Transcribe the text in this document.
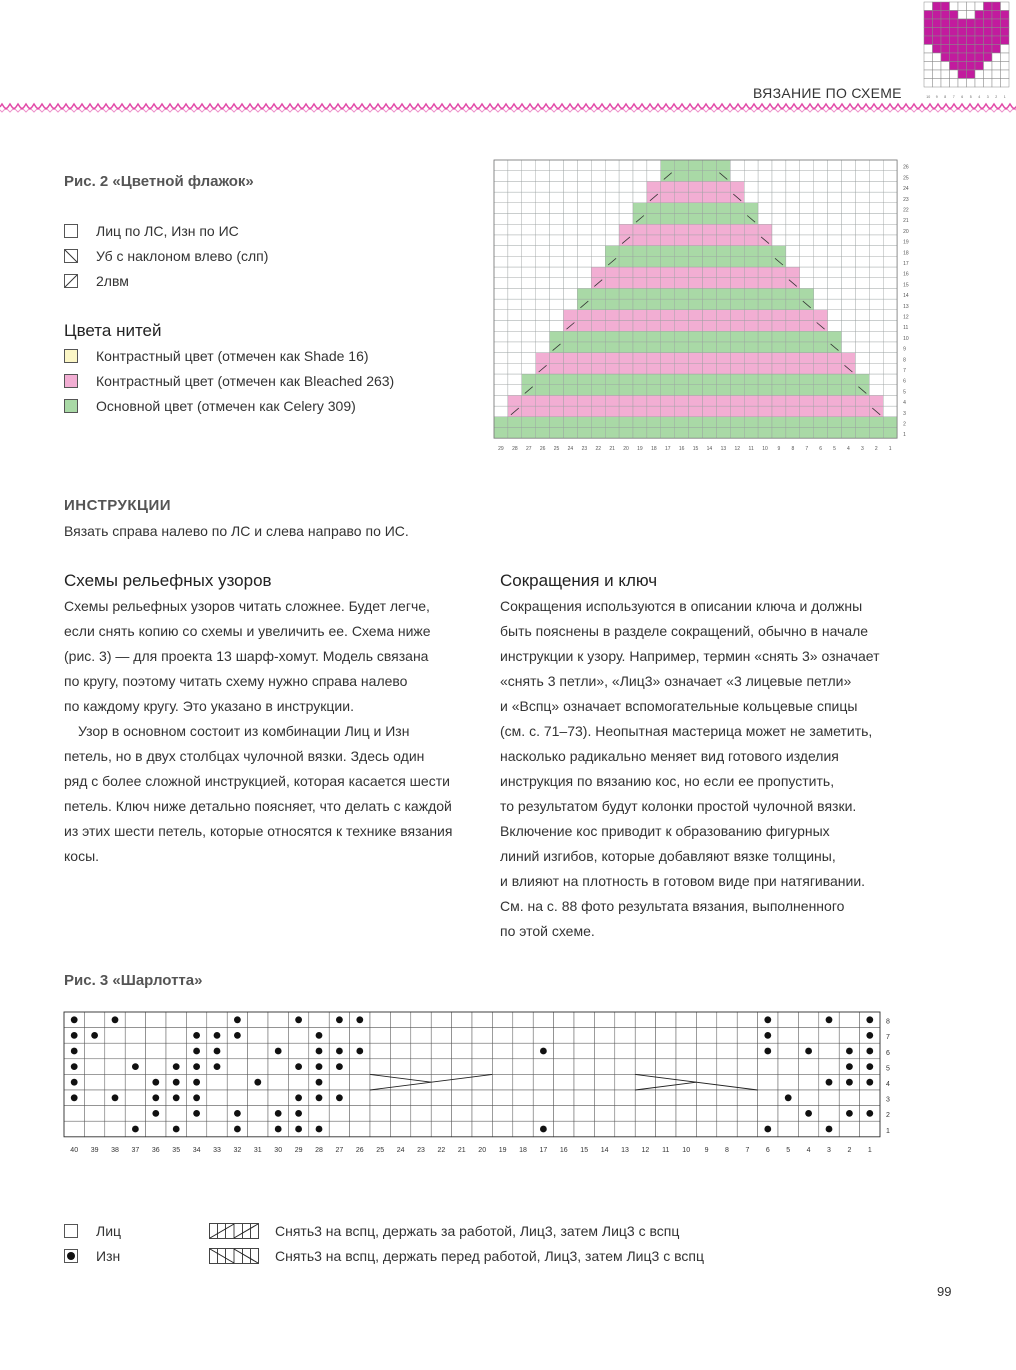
ВЯЗАНИЕ ПО СХЕМЕ	10 9 8 7 6 5 4 3 2 1
Рис. 2 «Цветной флажок»
Лиц по ЛС, Изн по ИС
Уб с наклоном влево (слп)
2лвм
Цвета нитей
Контрастный цвет (отмечен как Shade 16)
Контрастный цвет (отмечен как Bleached 263)
Основной цвет (отмечен как Celery 309)
1
2
3
4
5
6
7
8
9
10
11
12
13
14
15
16
17
18
19
20
21
22
23
24
25
26
29 28 27 26 25 24 23 22 21 20 19 18 17 16 15 14 13 12 11 10 9 8 7 6 5 4 3 2 1
ИНСТРУКЦИИ
Вязать справа налево по ЛС и слева направо по ИС.
Схемы рельефных узоров
Схемы рельефных узоров читать сложнее. Будет легче,
если снять копию со схемы и увеличить ее. Схема ниже
(рис. 3) — для проекта 13 шарф-хомут. Модель связана
по кругу, поэтому читать схему нужно справа налево
по каждому кругу. Это указано в инструкции.
Узор в основном состоит из комбинации Лиц и Изн
петель, но в двух столбцах чулочной вязки. Здесь один
ряд с более сложной инструкцией, которая касается шести
петель. Ключ ниже детально поясняет, что делать с каждой
из этих шести петель, которые относятся к технике вязания
косы.
Сокращения и ключ
Сокращения используются в описании ключа и должны
быть пояснены в разделе сокращений, обычно в начале
инструкции к узору. Например, термин «снять 3» означает
«снять 3 петли», «Лиц3» означает «3 лицевые петли»
и «Вспц» означает вспомогательные кольцевые спицы
(см. с. 71–73). Неопытная мастерица может не заметить,
насколько радикально меняет вид готового изделия
инструкция по вязанию кос, но если ее пропустить,
то результатом будут колонки простой чулочной вязки.
Включение кос приводит к образованию фигурных
линий изгибов, которые добавляют вязке толщины,
и влияют на плотность в готовом виде при натягивании.
См. на с. 88 фото результата вязания, выполненного
по этой схеме.
Рис. 3 «Шарлотта»
8
7
6
5
4
3
2
1
40 39 38 37 36 35 34 33 32 31 30 29 28 27 26 25 24 23 22 21 20 19 18 17 16 15 14 13 12 11 10 9 8 7 6 5 4 3 2 1
Лиц
Изн
Снять3 на вспц, держать за работой, Лиц3, затем Лиц3 с вспц
Снять3 на вспц, держать перед работой, Лиц3, затем Лиц3 с вспц
99
